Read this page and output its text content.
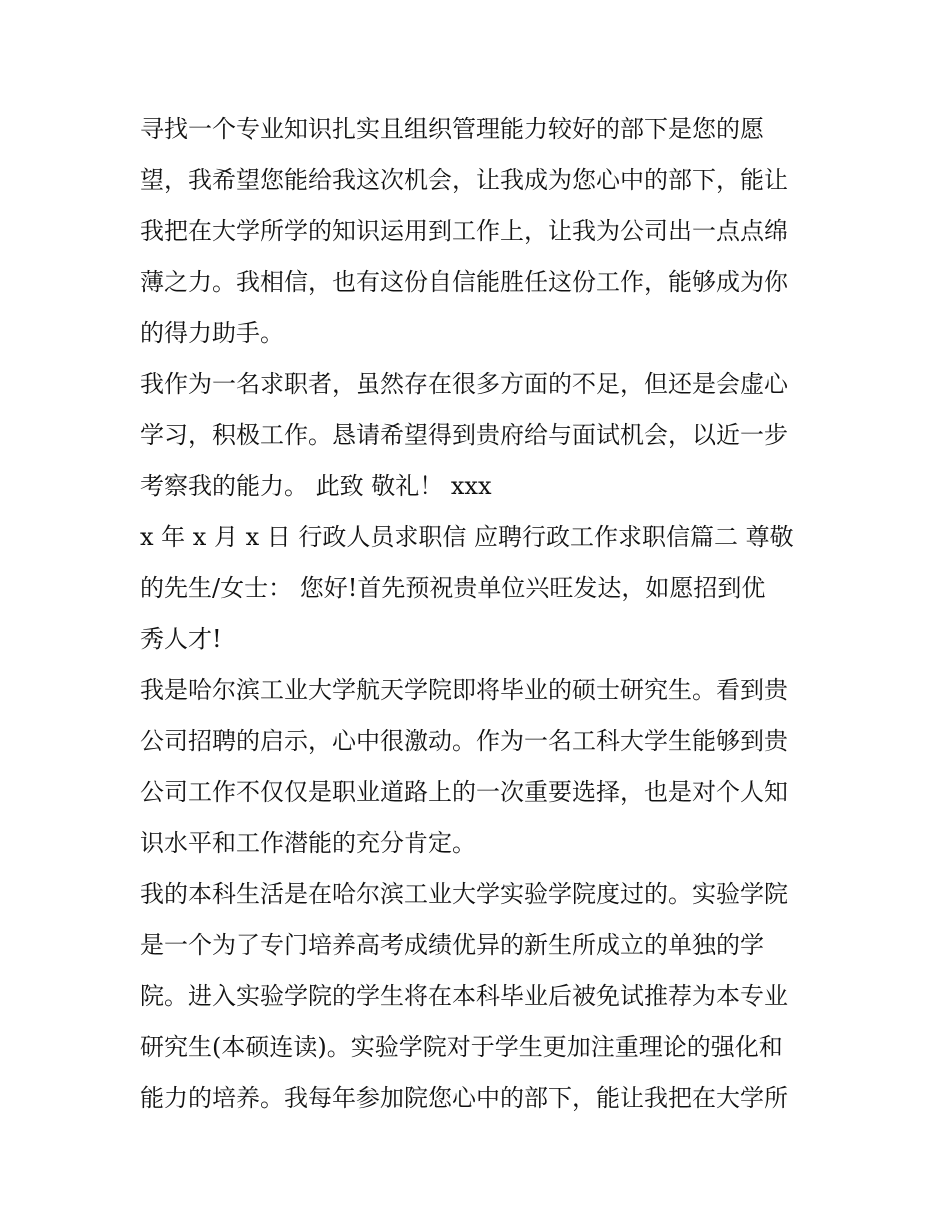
寻找一个专业知识扎实且组织管理能力较好的部下是您的愿
望，我希望您能给我这次机会，让我成为您心中的部下，能让
我把在大学所学的知识运用到工作上，让我为公司出一点点绵
薄之力。我相信，也有这份自信能胜任这份工作，能够成为你
的得力助手。
我作为一名求职者，虽然存在很多方面的不足，但还是会虚心
学习，积极工作。恳请希望得到贵府给与面试机会，以近一步
考察我的能力。 此致 敬礼！ xxx
x 年 x 月 x 日 行政人员求职信 应聘行政工作求职信篇二 尊敬
的先生/女士： 您好!首先预祝贵单位兴旺发达，如愿招到优
秀人才!
我是哈尔滨工业大学航天学院即将毕业的硕士研究生。看到贵
公司招聘的启示，心中很激动。作为一名工科大学生能够到贵
公司工作不仅仅是职业道路上的一次重要选择，也是对个人知
识水平和工作潜能的充分肯定。
我的本科生活是在哈尔滨工业大学实验学院度过的。实验学院
是一个为了专门培养高考成绩优异的新生所成立的单独的学
院。进入实验学院的学生将在本科毕业后被免试推荐为本专业
研究生(本硕连读)。实验学院对于学生更加注重理论的强化和
能力的培养。我每年参加院您心中的部下，能让我把在大学所
